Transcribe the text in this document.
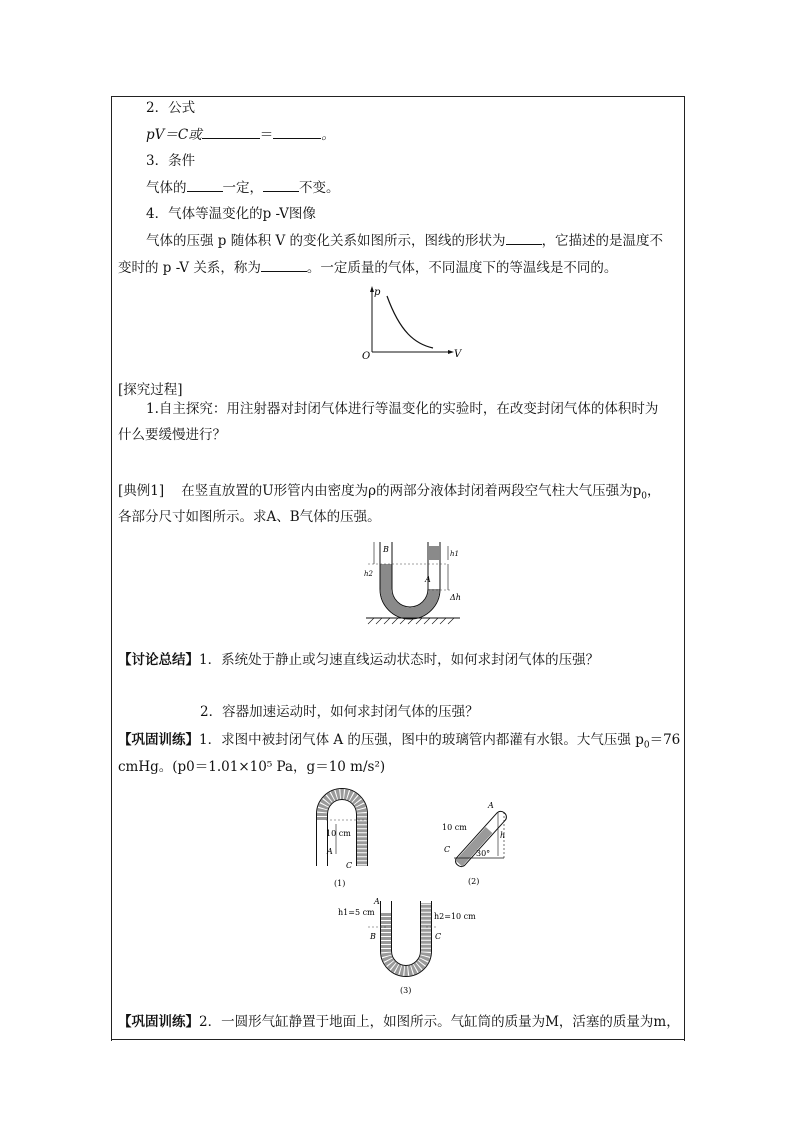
2．公式
pV＝C或	＝	。
3．条件
气体的	一定，	不变。
4．气体等温变化的p -V图像
气体的压强 p 随体积 V 的变化关系如图所示，图线的形状为	，它描述的是温度不
变时的 p -V 关系，称为	。一定质量的气体，不同温度下的等温线是不同的。
p
V
O
[探究过程]
1.自主探究：用注射器对封闭气体进行等温变化的实验时，在改变封闭气体的体积时为
什么要缓慢进行？
[典例1] 在竖直放置的U形管内由密度为ρ的两部分液体封闭着两段空气柱大气压强为$p_0$，
各部分尺寸如图所示。求A、B气体的压强。
B
A
h1
h2
Δh
【讨论总结】1．系统处于静止或匀速直线运动状态时，如何求封闭气体的压强？
2．容器加速运动时，如何求封闭气体的压强？
【巩固训练】1．求图中被封闭气体 A 的压强，图中的玻璃管内都灌有水银。大气压强 $p_0=76$
cmHg。(p0＝1.01×10⁵ Pa，g＝10 m/s²)
10 cm
A
C
(1)
10 cm
A
C
h
30°
(2)
A
h1=5 cm	h2=10 cm
B	C
(3)
【巩固训练】2．一圆形气缸静置于地面上，如图所示。气缸筒的质量为M，活塞的质量为m，
